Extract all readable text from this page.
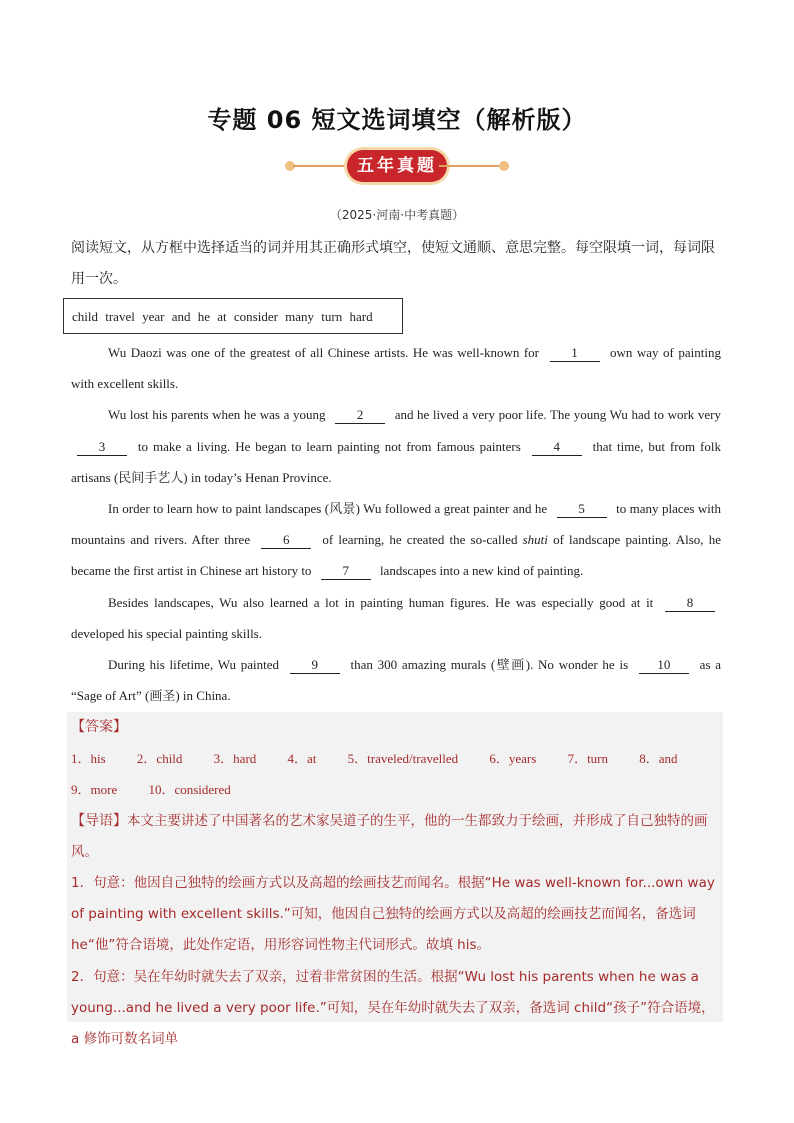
专题 06 短文选词填空（解析版）
五年真题
（2025·河南·中考真题）
阅读短文，从方框中选择适当的词并用其正确形式填空，使短文通顺、意思完整。每空限填一词，每词限用一次。
child travel year and he at consider many turn hard

Wu Daozi was one of the greatest of all Chinese artists. He was well-known for 1 own way of painting with excellent skills.

Wu lost his parents when he was a young 2 and he lived a very poor life. The young Wu had to work very 3	to make a living. He began to learn painting not from famous painters	4	that time, but from folk artisans (民间手艺人) in today’s Henan Province.

In order to learn how to paint landscapes (风景) Wu followed a great painter and he 5 to many places with mountains and rivers. After three	6	of learning, he created the so-called shuti of landscape painting. Also, he became the first artist in Chinese art history to 7 landscapes into a new kind of painting.

Besides landscapes, Wu also learned a lot in painting human figures. He was especially good at it	8 developed his special painting skills.

During his lifetime, Wu painted	9	than 300 amazing murals (壁画). No wonder he is 10 as a “Sage of Art” (画圣) in China.

【答案】
1．his 2．child 3．hard 4．at 5．traveled/travelled 6．years 7．turn 8．and
9．more 10．considered
【导语】本文主要讲述了中国著名的艺术家吴道子的生平，他的一生都致力于绘画，并形成了自己独特的画风。
1．句意：他因自己独特的绘画方式以及高超的绘画技艺而闻名。根据“He was well-known for...own way of painting with excellent skills.”可知，他因自己独特的绘画方式以及高超的绘画技艺而闻名，备选词 he“他”符合语境，此处作定语，用形容词性物主代词形式。故填 his。
2．句意：吴在年幼时就失去了双亲，过着非常贫困的生活。根据“Wu lost his parents when he was a young...and he lived a very poor life.”可知，吴在年幼时就失去了双亲，备选词 child“孩子”符合语境，a 修饰可数名词单
